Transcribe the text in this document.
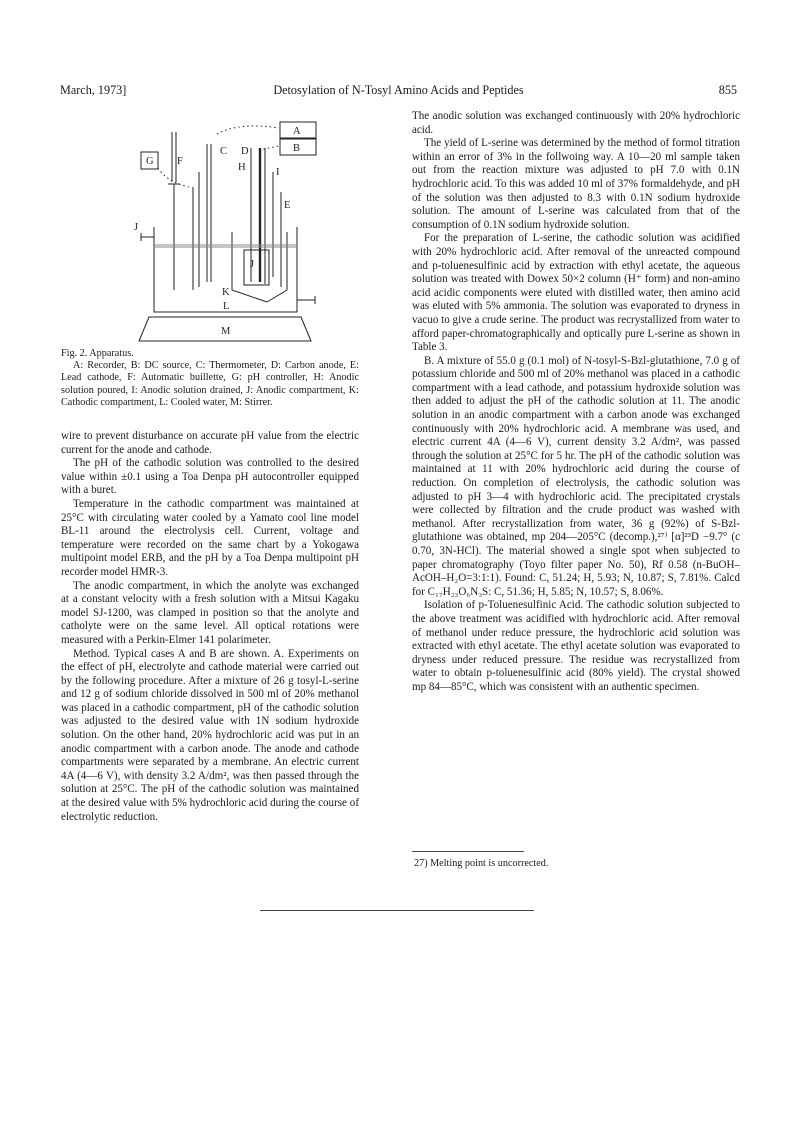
March, 1973]	Detosylation of N-Tosyl Amino Acids and Peptides	855
A
B
G F
C D
H	I
E
J
K
J
L
M

Fig. 2. Apparatus.

A: Recorder, B: DC source, C: Thermometer, D: Carbon anode, E: Lead cathode, F: Automatic buillette, G: pH controller, H: Anodic solution poured, I: Anodic solution drained, J: Anodic compartment, K: Cathodic compartment, L: Cooled water, M: Stirrer.

wire to prevent disturbance on accurate pH value from the electric current for the anode and cathode.

The pH of the cathodic solution was controlled to the desired value within ±0.1 using a Toa Denpa pH autocontroller equipped with a buret.

Temperature in the cathodic compartment was maintained at 25°C with circulating water cooled by a Yamato cool line model BL-11 around the electrolysis cell. Current, voltage and temperature were recorded on the same chart by a Yokogawa multipoint model ERB, and the pH by a Toa Denpa multipoint pH recorder model HMR-3.

The anodic compartment, in which the anolyte was exchanged at a constant velocity with a fresh solution with a Mitsui Kagaku model SJ-1200, was clamped in position so that the anolyte and catholyte were on the same level. All optical rotations were measured with a Perkin-Elmer 141 polarimeter.

Method. Typical cases A and B are shown. A. Experiments on the effect of pH, electrolyte and cathode material were carried out by the following procedure. After a mixture of 26 g tosyl-L-serine and 12 g of sodium chloride dissolved in 500 ml of 20% methanol was placed in a cathodic compartment, pH of the cathodic solution was adjusted to the desired value with 1N sodium hydroxide solution. On the other hand, 20% hydrochloric acid was put in an anodic compartment with a carbon anode. The anode and cathode compartments were separated by a membrane. An electric current 4A (4—6 V), with density 3.2 A/dm², was then passed through the solution at 25°C. The pH of the cathodic solution was maintained at the desired value with 5% hydrochloric acid during the course of electrolytic reduction.

The anodic solution was exchanged continuously with 20% hydrochloric acid.

The yield of L-serine was determined by the method of formol titration within an error of 3% in the follwoing way. A 10—20 ml sample taken out from the reaction mixture was adjusted to pH 7.0 with 0.1N hydrochloric acid. To this was added 10 ml of 37% formaldehyde, and pH of the solution was then adjusted to 8.3 with 0.1N sodium hydroxide solution. The amount of L-serine was calculated from that of the consumption of 0.1N sodium hydroxide solution.

For the preparation of L-serine, the cathodic solution was acidified with 20% hydrochloric acid. After removal of the unreacted compound and p-toluenesulfinic acid by extraction with ethyl acetate, the aqueous solution was treated with Dowex 50×2 column (H⁺ form) and non-amino acid acidic components were eluted with distilled water, then amino acid was eluted with 5% ammonia. The solution was evaporated to dryness in vacuo to give a crude serine. The product was recrystallized from water to afford paper-chromatographically and optically pure L-serine as shown in Table 3.

B. A mixture of 55.0 g (0.1 mol) of N-tosyl-S-Bzl-glutathione, 7.0 g of potassium chloride and 500 ml of 20% methanol was placed in a cathodic compartment with a lead cathode, and potassium hydroxide solution was then added to adjust the pH of the cathodic solution at 11. The anodic solution in an anodic compartment with a carbon anode was exchanged continuously with 20% hydrochloric acid. A membrane was used, and electric current 4A (4—6 V), current density 3.2 A/dm², was passed through the solution at 25°C for 5 hr. The pH of the cathodic solution was maintained at 11 with 20% hydrochloric acid during the course of reduction. On completion of electrolysis, the cathodic solution was adjusted to pH 3—4 with hydrochloric acid. The precipitated crystals were collected by filtration and the crude product was washed with methanol. After recrystallization from water, 36 g (92%) of S-Bzl-glutathione was obtained, mp 204—205°C (decomp.),²⁷⁾ [α]²³D −9.7° (c 0.70, 3N-HCl). The material showed a single spot when subjected to paper chromatography (Toyo filter paper No. 50), Rf 0.58 (n-BuOH–AcOH–H₂O=3:1:1). Found: C, 51.24; H, 5.93; N, 10.87; S, 7.81%. Calcd for C₁₇H₂₃O₆N₃S: C, 51.36; H, 5.85; N, 10.57; S, 8.06%.

Isolation of p-Toluenesulfinic Acid. The cathodic solution subjected to the above treatment was acidified with hydrochloric acid. After removal of methanol under reduce pressure, the hydrochloric acid solution was extracted with ethyl acetate. The ethyl acetate solution was evaporated to dryness under reduced pressure. The residue was recrystallized from water to obtain p-toluenesulfinic acid (80% yield). The crystal showed mp 84—85°C, which was consistent with an authentic specimen.

27) Melting point is uncorrected.
